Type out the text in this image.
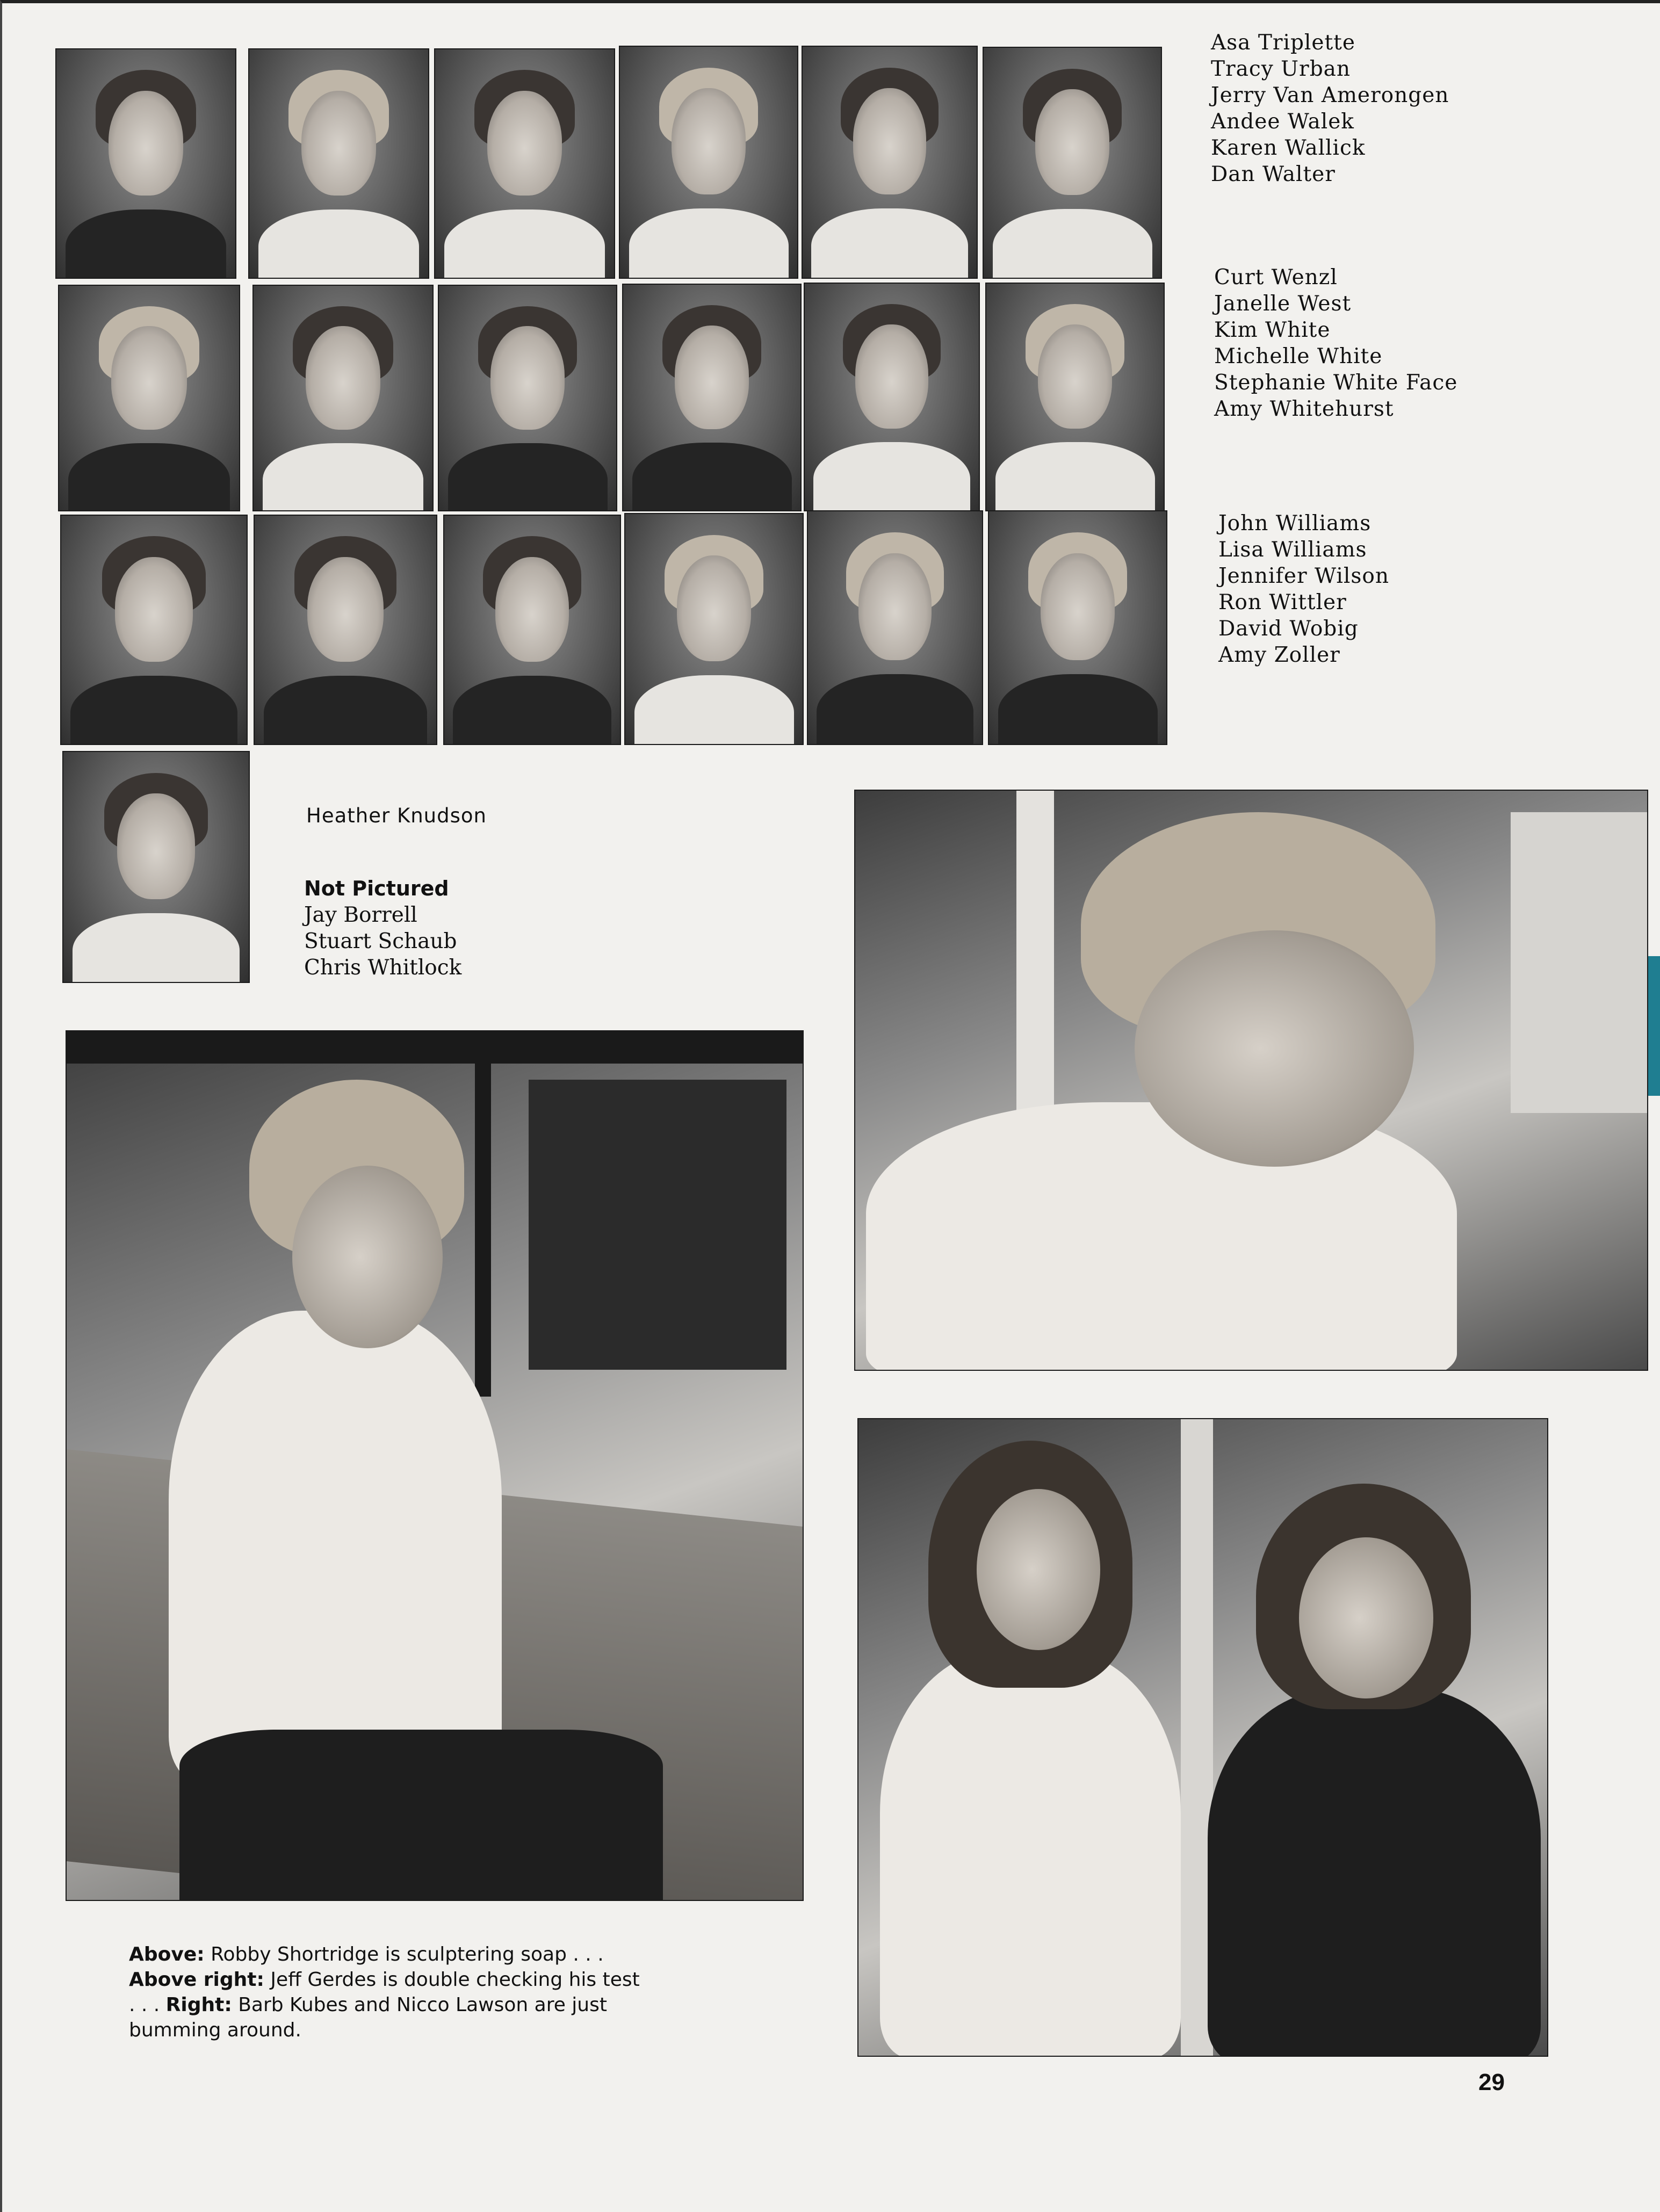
Asa Triplette
Tracy Urban
Jerry Van Amerongen
Andee Walek
Karen Wallick
Dan Walter
Curt Wenzl
Janelle West
Kim White
Michelle White
Stephanie White Face
Amy Whitehurst
John Williams
Lisa Williams
Jennifer Wilson
Ron Wittler
David Wobig
Amy Zoller
Heather Knudson
Not Pictured
Jay Borrell
Stuart Schaub
Chris Whitlock
Above: Robby Shortridge is sculptering soap . . . Above right: Jeff Gerdes is double checking his test . . . Right: Barb Kubes and Nicco Lawson are just bumming around.
29
